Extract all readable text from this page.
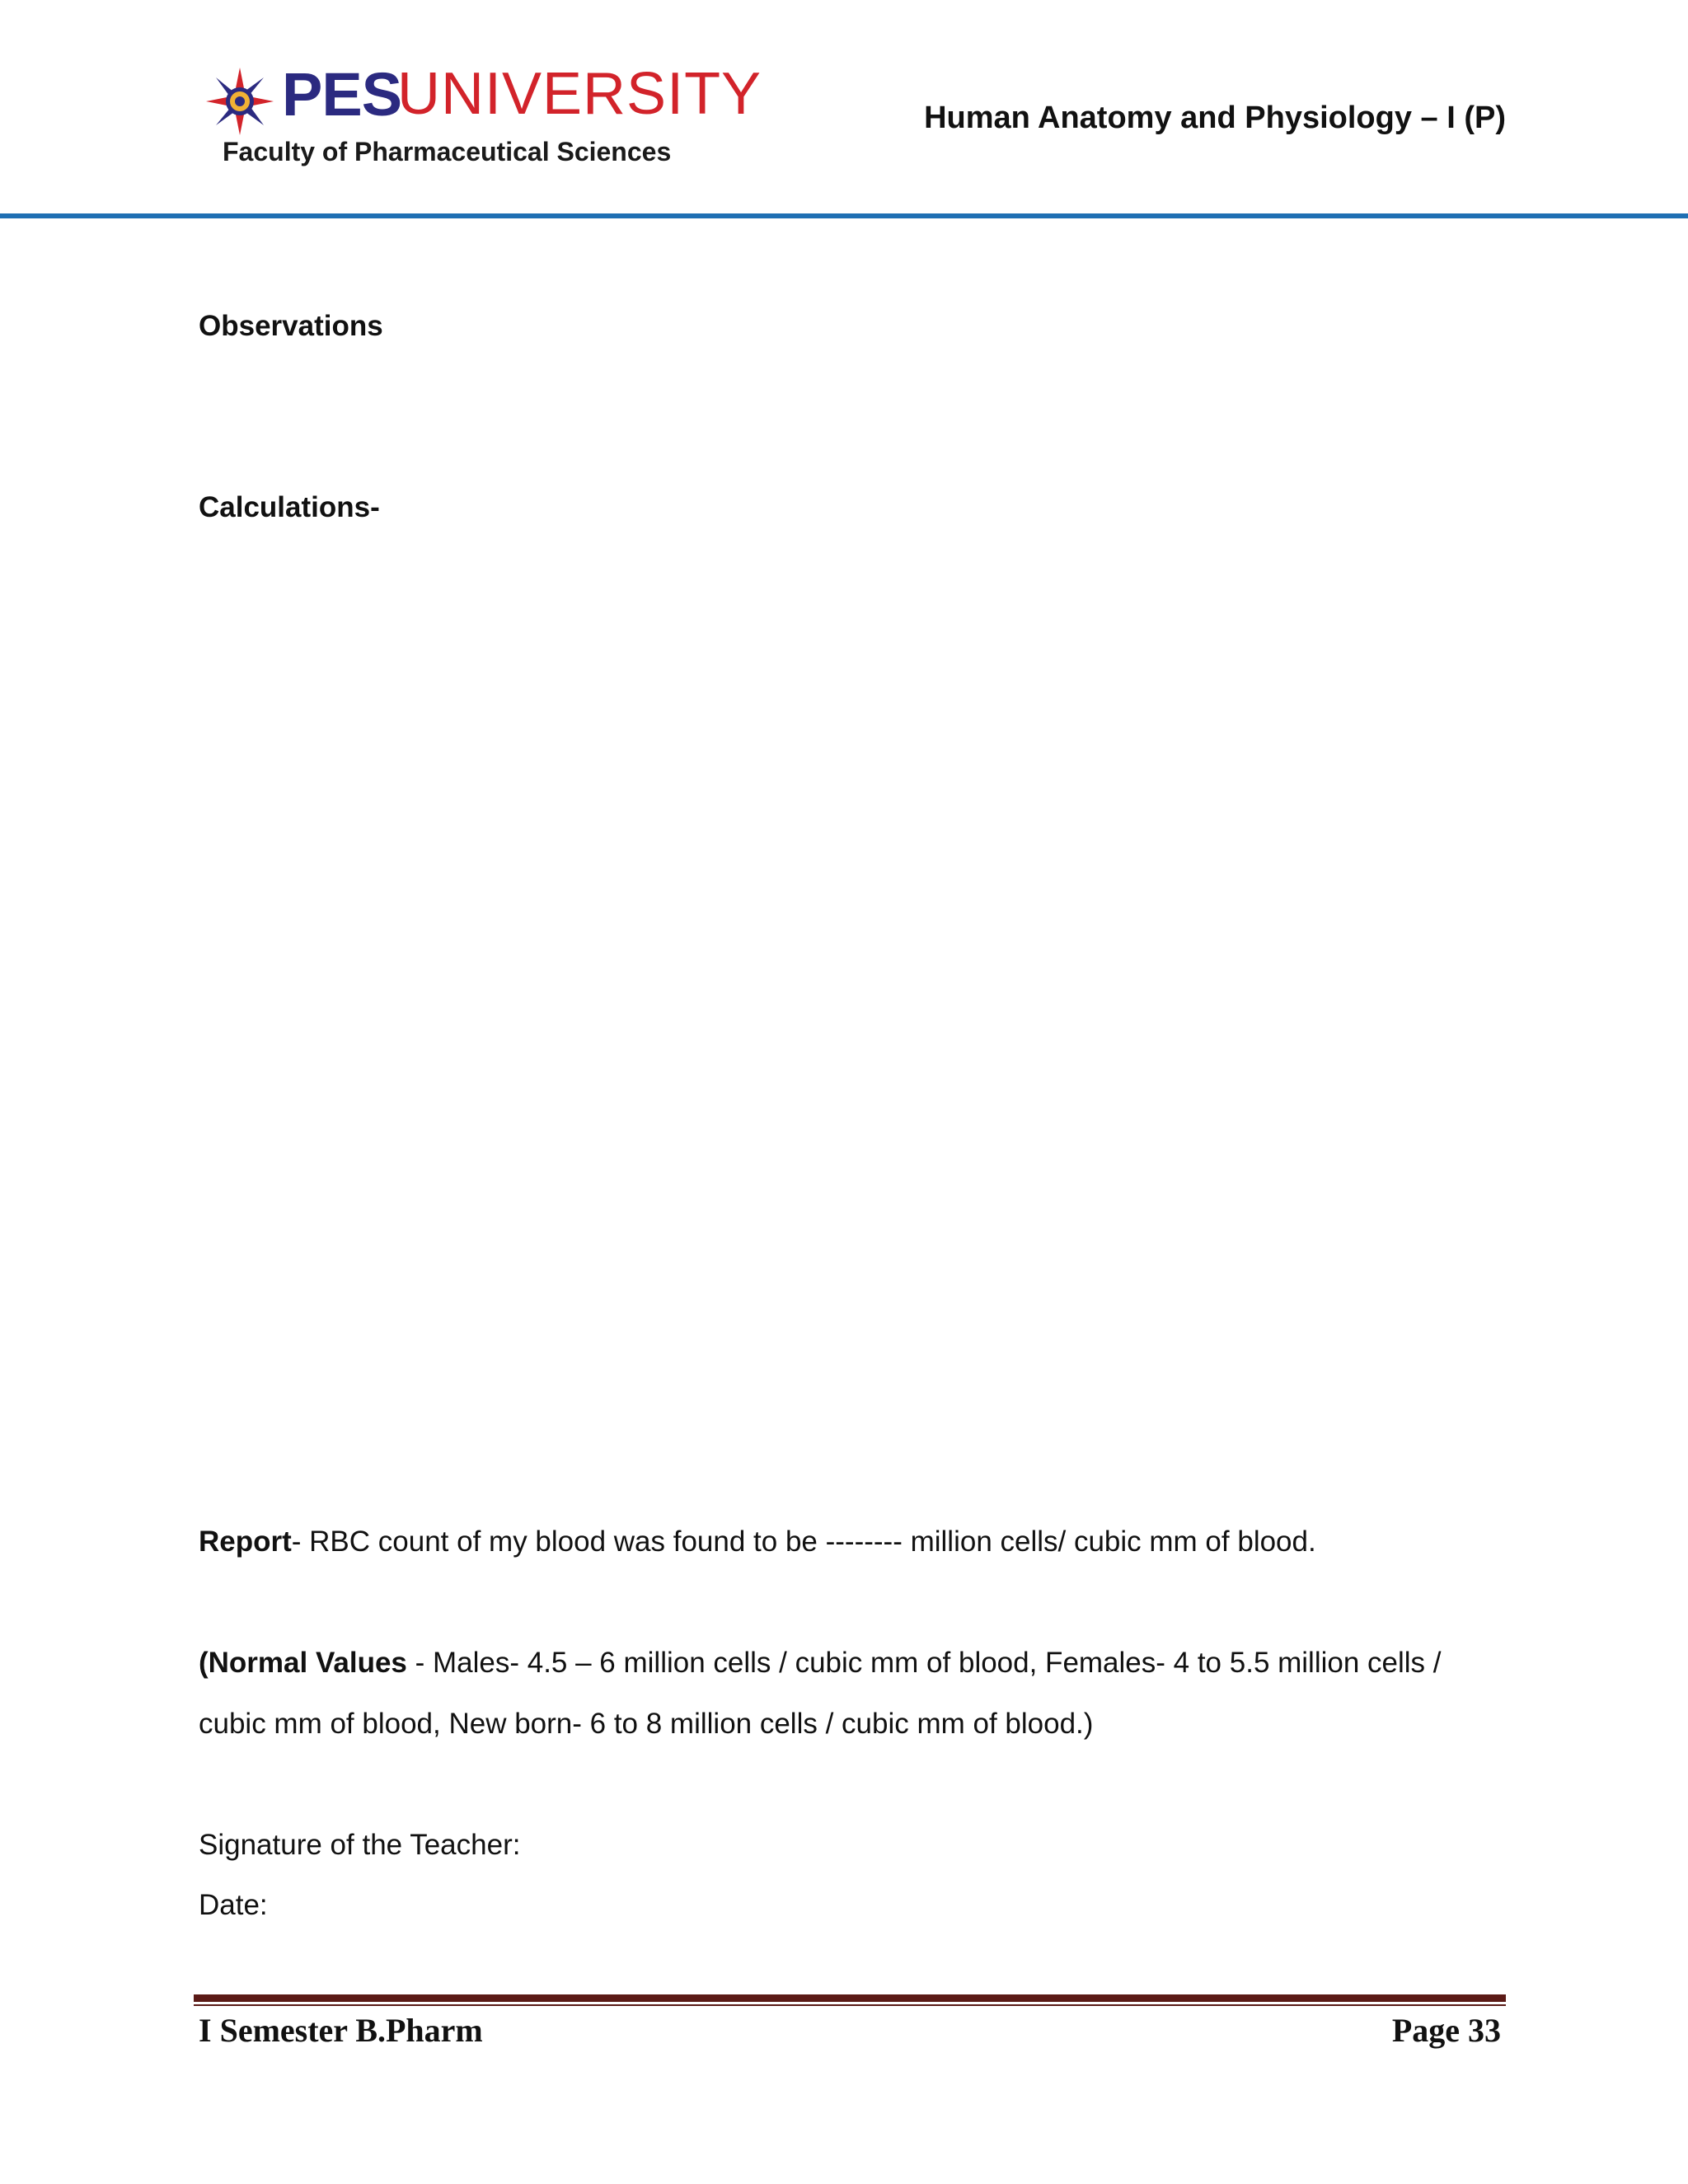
PES
UNIVERSITY
Faculty of Pharmaceutical Sciences
Human Anatomy and Physiology – I (P)
Observations
Calculations-
Report- RBC count of my blood was found to be -------- million cells/ cubic mm of blood.
(Normal Values - Males- 4.5 – 6 million cells / cubic mm of blood, Females- 4 to 5.5 million cells /
cubic mm of blood, New born- 6 to 8 million cells / cubic mm of blood.)
Signature of the Teacher:
Date:
I Semester B.Pharm	Page 33
